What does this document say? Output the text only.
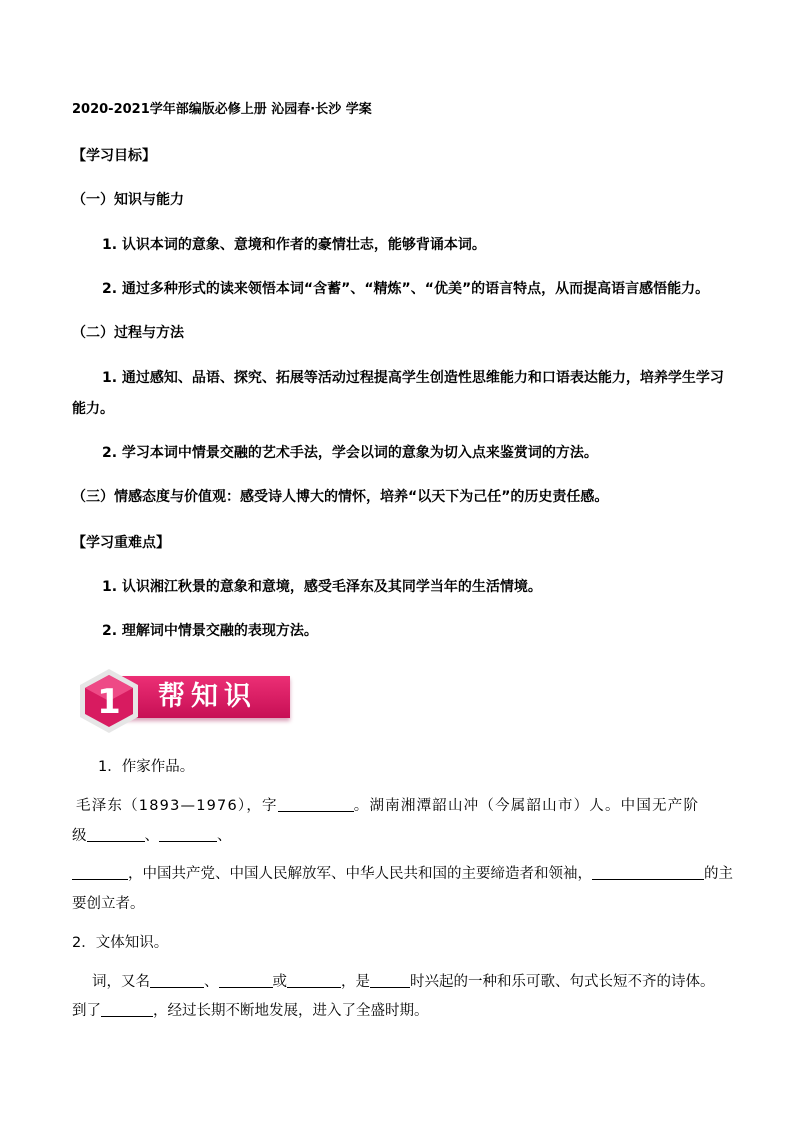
2020-2021学年部编版必修上册 沁园春·长沙 学案
【学习目标】
（一）知识与能力
1. 认识本词的意象、意境和作者的豪情壮志，能够背诵本词。
2. 通过多种形式的读来领悟本词“含蓄”、“精炼”、“优美”的语言特点，从而提高语言感悟能力。
（二）过程与方法
1. 通过感知、品语、探究、拓展等活动过程提高学生创造性思维能力和口语表达能力，培养学生学习
能力。
2. 学习本词中情景交融的艺术手法，学会以词的意象为切入点来鉴赏词的方法。
（三）情感态度与价值观：感受诗人博大的情怀，培养“以天下为己任”的历史责任感。
【学习重难点】
1. 认识湘江秋景的意象和意境，感受毛泽东及其同学当年的生活情境。
2. 理解词中情景交融的表现方法。
1 帮知识
1．作家作品。
毛泽东（1893—1976），字	。湖南湘潭韶山冲（今属韶山市）人。中国无产阶
级	、	、
，中国共产党、中国人民解放军、中华人民共和国的主要缔造者和领袖，	的主
要创立者。
2．文体知识。
词，又名	、	或	，是	时兴起的一种和乐可歌、句式长短不齐的诗体。
到了	，经过长期不断地发展，进入了全盛时期。
